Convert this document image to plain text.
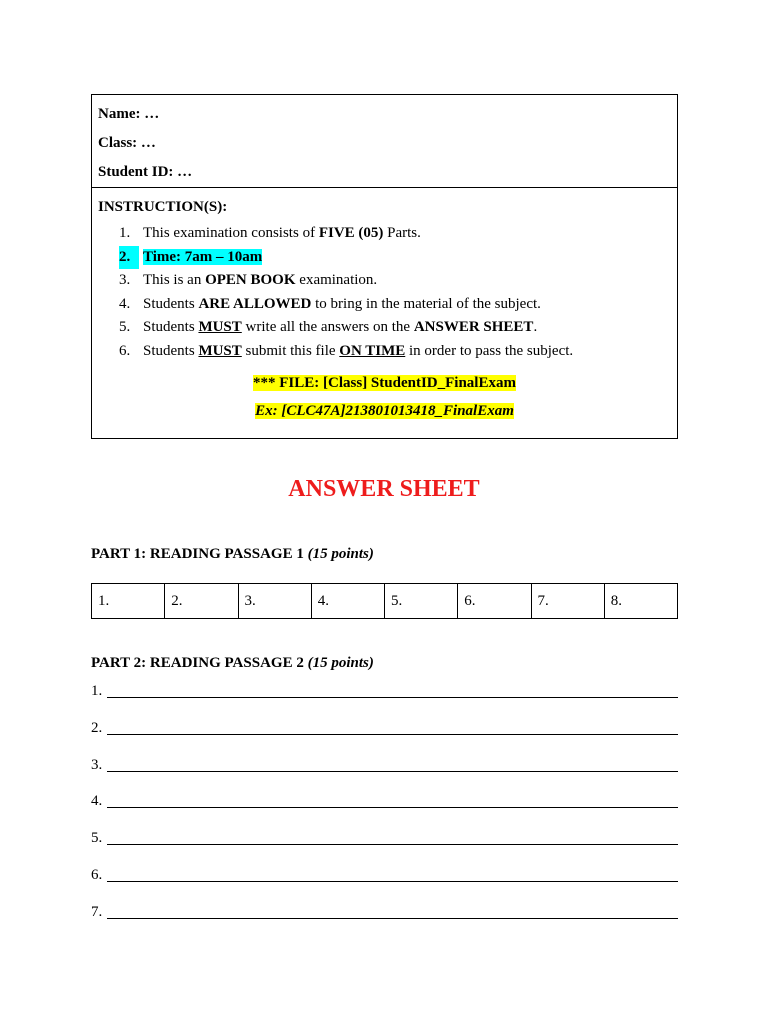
Name: …
Class: …
Student ID: …
INSTRUCTION(S):
1. This examination consists of FIVE (05) Parts.
2. Time: 7am – 10am
3. This is an OPEN BOOK examination.
4. Students ARE ALLOWED to bring in the material of the subject.
5. Students MUST write all the answers on the ANSWER SHEET.
6. Students MUST submit this file ON TIME in order to pass the subject.
*** FILE: [Class] StudentID_FinalExam
Ex: [CLC47A]213801013418_FinalExam
ANSWER SHEET
PART 1: READING PASSAGE 1 (15 points)
1.	2.	3.	4.	5.	6.	7.	8.
PART 2: READING PASSAGE 2 (15 points)
1.
2.
3.
4.
5.
6.
7.
